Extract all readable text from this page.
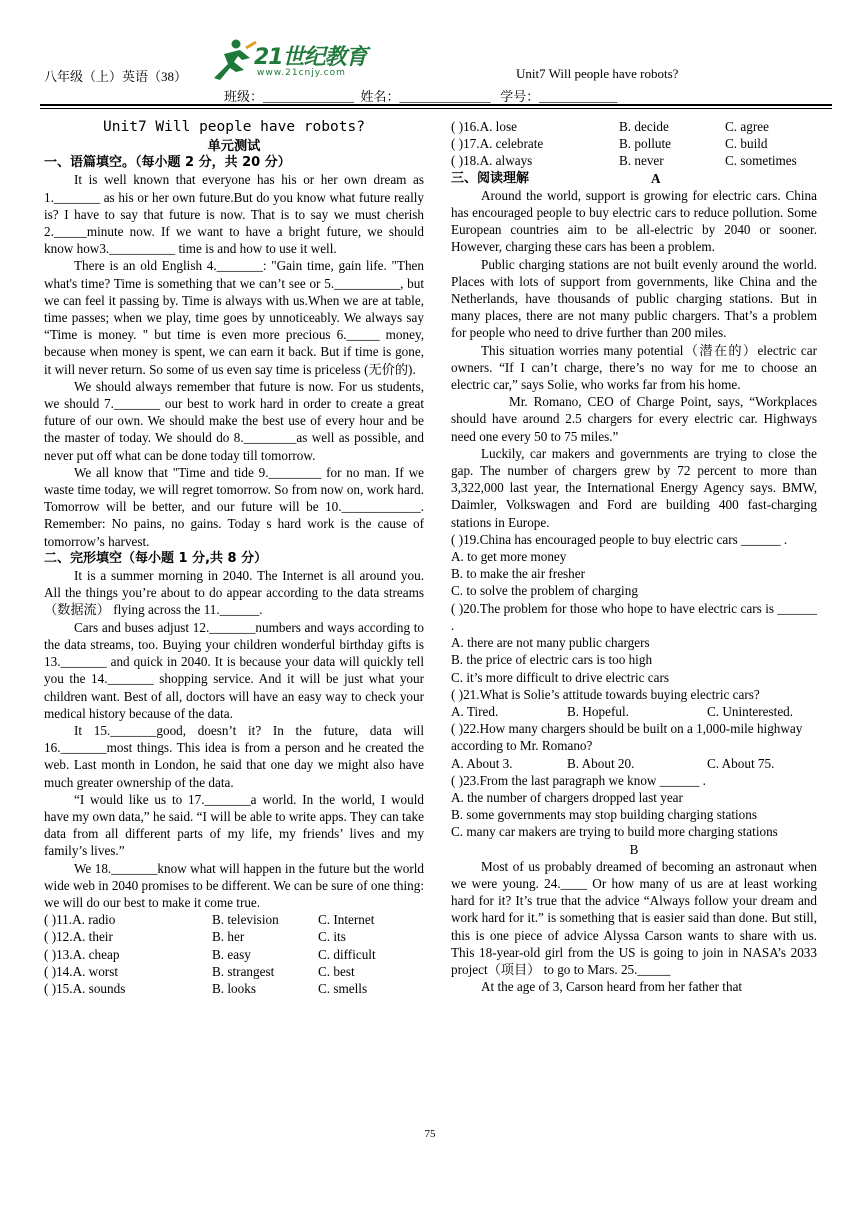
八年级（上）英语（38）
21世纪教育
www.21cnjy.com	Unit7 Will people have robots?
班级：______________  姓名：______________   学号：____________

Unit7 Will people have robots?

单元测试

一、语篇填空。（每小题 2 分，共 20 分）

It is well known that everyone has his or her own dream as 1._______ as his or her own future.But do you know what future really is? I have to say that future is now. That is to say we must cherish 2._____minute now. If we want to have a bright future, we should know how3.__________ time is and how to use it well.

There is an old English 4._______: "Gain time, gain life. "Then what's time? Time is something that we can’t see or 5.__________, but we can feel it passing by. Time is always with us.When we are at table, time passes; when we play, time goes by unnoticeably. We always say “Time is money. " but time is even more precious 6._____ money, because when money is spent, we can earn it back. But if time is gone, it will never return. So some of us even say time is priceless (无价的).

We should always remember that future is now. For us students, we should 7._______ our best to work hard in order to create a great future of our own. We should make the best use of every hour and be the master of today. We should do 8.________as well as possible, and never put off what can be done today till tomorrow.

We all know that "Time and tide 9.________ for no man. If we waste time today, we will regret tomorrow. So from now on, work hard. Tomorrow will be better, and our future will be 10.____________. Remember: No pains, no gains. Today s hard work is the cause of tomorrow’s harvest.

二、完形填空（每小题 1 分,共 8 分）

It is a summer morning in 2040. The Internet is all around you. All the things you’re about to do appear according to the data streams（数据流） flying across the 11.______.

Cars and buses adjust 12._______numbers and ways according to the data streams, too. Buying your children wonderful birthday gifts is 13._______ and quick in 2040. It is because your data will quickly tell you the 14._______ shopping service. And it will be just what your children want. Best of all, doctors will have an easy way to check your medical history because of the data.

It 15._______good, doesn’t it? In the future, data will 16._______most things. This idea is from a person and he created the web. Last month in London, he said that one day we might also have much greater ownership of the data.

“I would like us to 17._______a world. In the world, I would have my own data,” he said. “I will be able to write apps. They can take data from all different parts of my life, my friends’ lives and my family’s lives.”

We 18._______know what will happen in the future but the world wide web in 2040 promises to be different. We can be sure of one thing: we will do our best to make it come true.

( )11.A. radio	B. television	C. Internet
( )12.A. their	B. her	C. its
( )13.A. cheap	B. easy	C. difficult
( )14.A. worst	B. strangest	C. best
( )15.A. sounds	B. looks	C. smells
( )16.A. lose	B. decide	C. agree
( )17.A. celebrate	B. pollute	C. build
( )18.A. always	B. never	C. sometimes
三、阅读理解	A

Around the world, support is growing for electric cars. China has encouraged people to buy electric cars to reduce pollution. Some European countries aim to be all-electric by 2040 or sooner. However, charging these cars has been a problem.

Public charging stations are not built evenly around the world. Places with lots of support from governments, like China and the Netherlands, have thousands of public charging stations. But in many places, there are not many public chargers. That’s a problem for people who need to drive further than 200 miles.

This situation worries many potential（潜在的）electric car owners. “If I can’t charge, there’s no way for me to choose an electric car,” says Solie, who works far from his home.

Mr. Romano, CEO of Charge Point, says, “Workplaces should have around 2.5 chargers for every electric car. Highways need one every 50 to 75 miles.”

Luckily, car makers and governments are trying to close the gap. The number of chargers grew by 72 percent to more than 3,322,000 last year, the International Energy Agency says. BMW, Daimler, Volkswagen and Ford are building 400 fast-charging stations in Europe.

( )19.China has encouraged people to buy electric cars ______ .

A. to get more money

B. to make the air fresher

C. to solve the problem of charging

( )20.The problem for those who hope to have electric cars is ______ .

A. there are not many public chargers

B. the price of electric cars is too high

C. it’s more difficult to drive electric cars

( )21.What is Solie’s attitude towards buying electric cars?

A. Tired.	B. Hopeful.	C. Uninterested.

( )22.How many chargers should be built on a 1,000-mile highway according to Mr. Romano?

A. About 3.	B. About 20.	C. About 75.

( )23.From the last paragraph we know ______ .

A. the number of chargers dropped last year

B. some governments may stop building charging stations

C. many car makers are trying to build more charging stations

B

Most of us probably dreamed of becoming an astronaut when we were young. 24.____ Or how many of us are at least working hard for it? It’s true that the advice “Always follow your dream and work hard for it.” is something that is easier said than done. But still, this is one piece of advice Alyssa Carson wants to share with us. This 18-year-old girl from the US is going to join in NASA’s 2033 project（项目） to go to Mars. 25._____

At the age of 3, Carson heard from her father that

75
